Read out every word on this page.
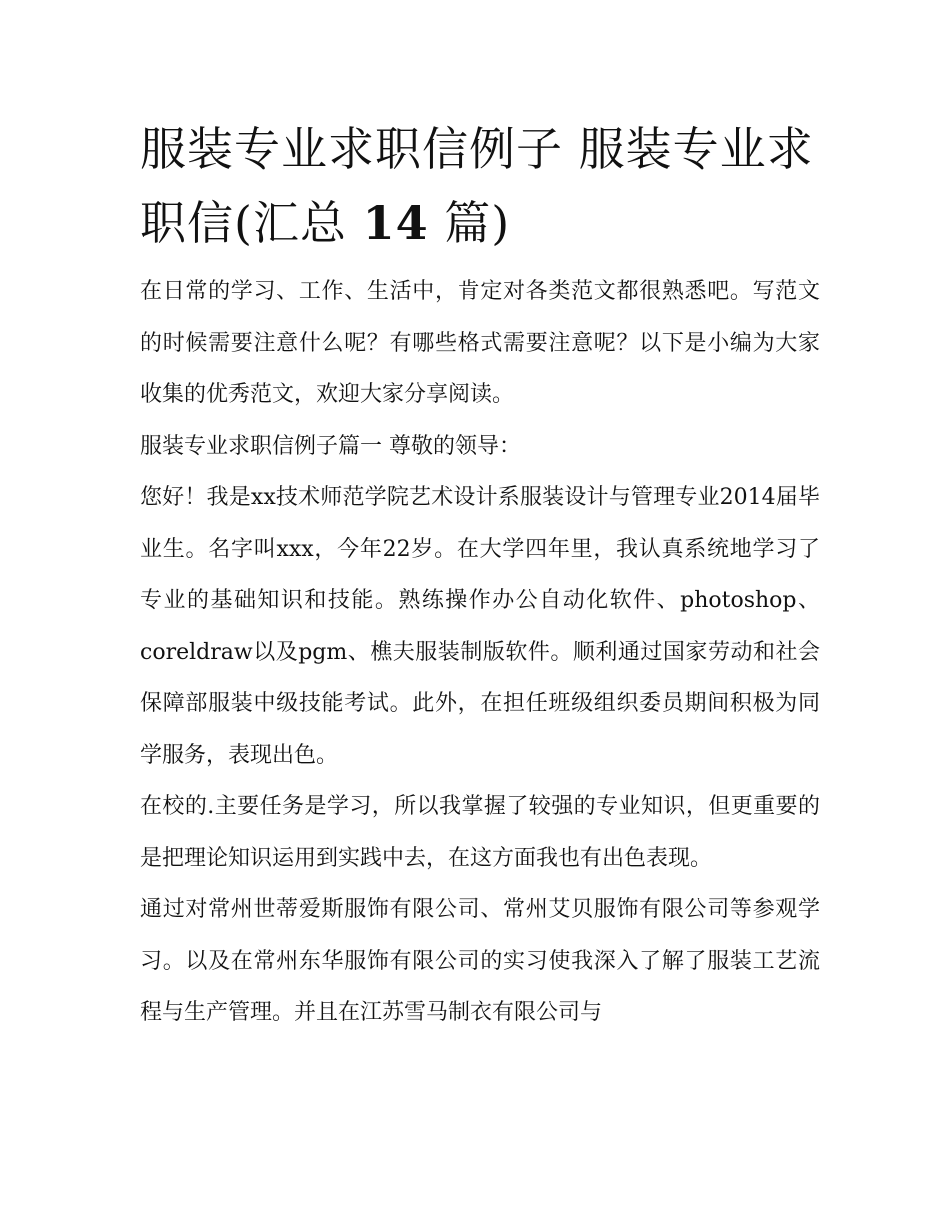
服装专业求职信例子 服装专业求职信(汇总 14 篇)

在日常的学习、工作、生活中，肯定对各类范文都很熟悉吧。写范文的时候需要注意什么呢？有哪些格式需要注意呢？以下是小编为大家收集的优秀范文，欢迎大家分享阅读。

服装专业求职信例子篇一 尊敬的领导：

您好！我是xx技术师范学院艺术设计系服装设计与管理专业2014届毕业生。名字叫xxx，今年22岁。在大学四年里，我认真系统地学习了专业的基础知识和技能。熟练操作办公自动化软件、photoshop、coreldraw以及pgm、樵夫服装制版软件。顺利通过国家劳动和社会保障部服装中级技能考试。此外，在担任班级组织委员期间积极为同学服务，表现出色。

在校的.主要任务是学习，所以我掌握了较强的专业知识，但更重要的是把理论知识运用到实践中去，在这方面我也有出色表现。

通过对常州世蒂爱斯服饰有限公司、常州艾贝服饰有限公司等参观学习。以及在常州东华服饰有限公司的实习使我深入了解了服装工艺流程与生产管理。并且在江苏雪马制衣有限公司与
